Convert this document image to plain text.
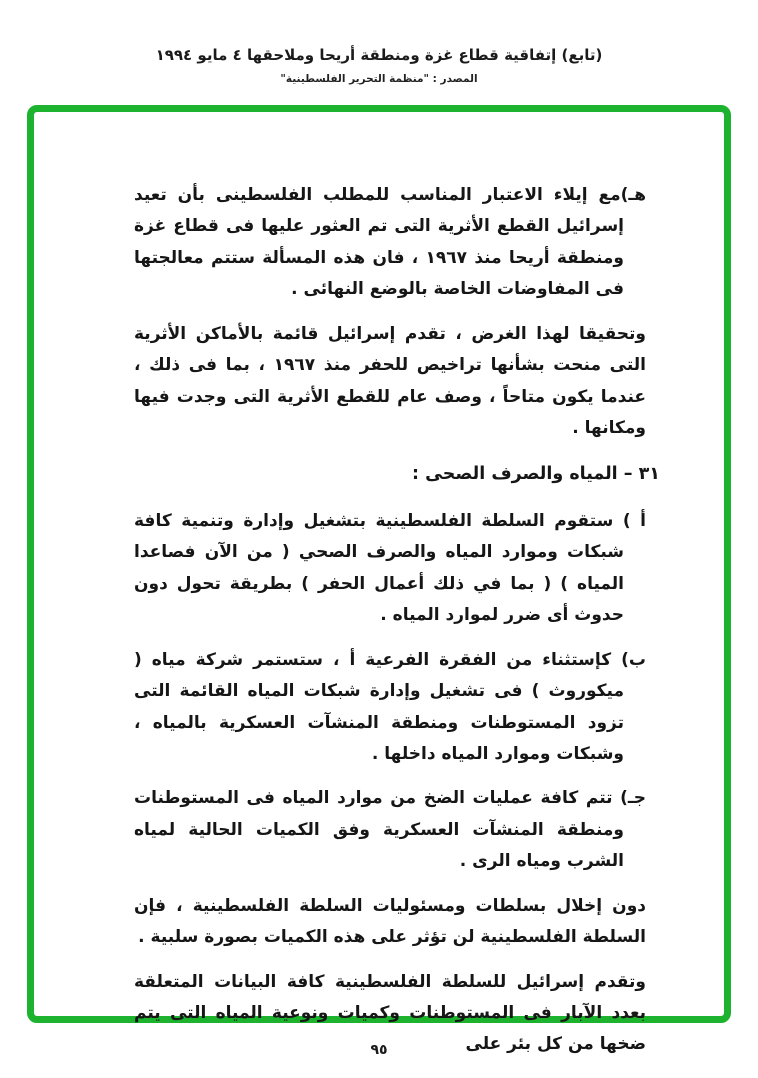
(تابع) إتفاقية قطاع غزة ومنطقة أريحا وملاحقها ٤ مايو ١٩٩٤
المصدر : "منظمة التحرير الفلسطينية"
هـ)مع إيلاء الاعتبار المناسب للمطلب الفلسطينى بأن تعيد إسرائيل القطع الأثرية التى تم العثور عليها فى قطاع غزة ومنطقة أريحا منذ ١٩٦٧ ، فان هذه المسألة ستتم معالجتها فى المفاوضات الخاصة بالوضع النهائى .
وتحقيقا لهذا الغرض ، تقدم إسرائيل قائمة بالأماكن الأثرية التى منحت بشأنها تراخيص للحفر منذ ١٩٦٧ ، بما فى ذلك ، عندما يكون متاحاً ، وصف عام للقطع الأثرية التى وجدت فيها ومكانها .
٣١ – المياه والصرف الصحى :
أ ) ستقوم السلطة الفلسطينية بتشغيل وإدارة وتنمية كافة شبكات وموارد المياه والصرف الصحي ( من الآن فصاعدا المياه ) ( بما في ذلك أعمال الحفر ) بطريقة تحول دون حدوث أى ضرر لموارد المياه .
ب) كإستثناء من الفقرة الفرعية أ ، ستستمر شركة مياه ( ميكوروث ) فى تشغيل وإدارة شبكات المياه القائمة التى تزود المستوطنات ومنطقة المنشآت العسكرية بالمياه ، وشبكات وموارد المياه داخلها .
جـ) تتم كافة عمليات الضخ من موارد المياه فى المستوطنات ومنطقة المنشآت العسكرية وفق الكميات الحالية لمياه الشرب ومياه الرى .
دون إخلال بسلطات ومسئوليات السلطة الفلسطينية ، فإن السلطة الفلسطينية لن تؤثر على هذه الكميات بصورة سلبية .
وتقدم إسرائيل للسلطة الفلسطينية كافة البيانات المتعلقة بعدد الآبار فى المستوطنات وكميات ونوعية المياه التى يتم ضخها من كل بئر على
٩٥
